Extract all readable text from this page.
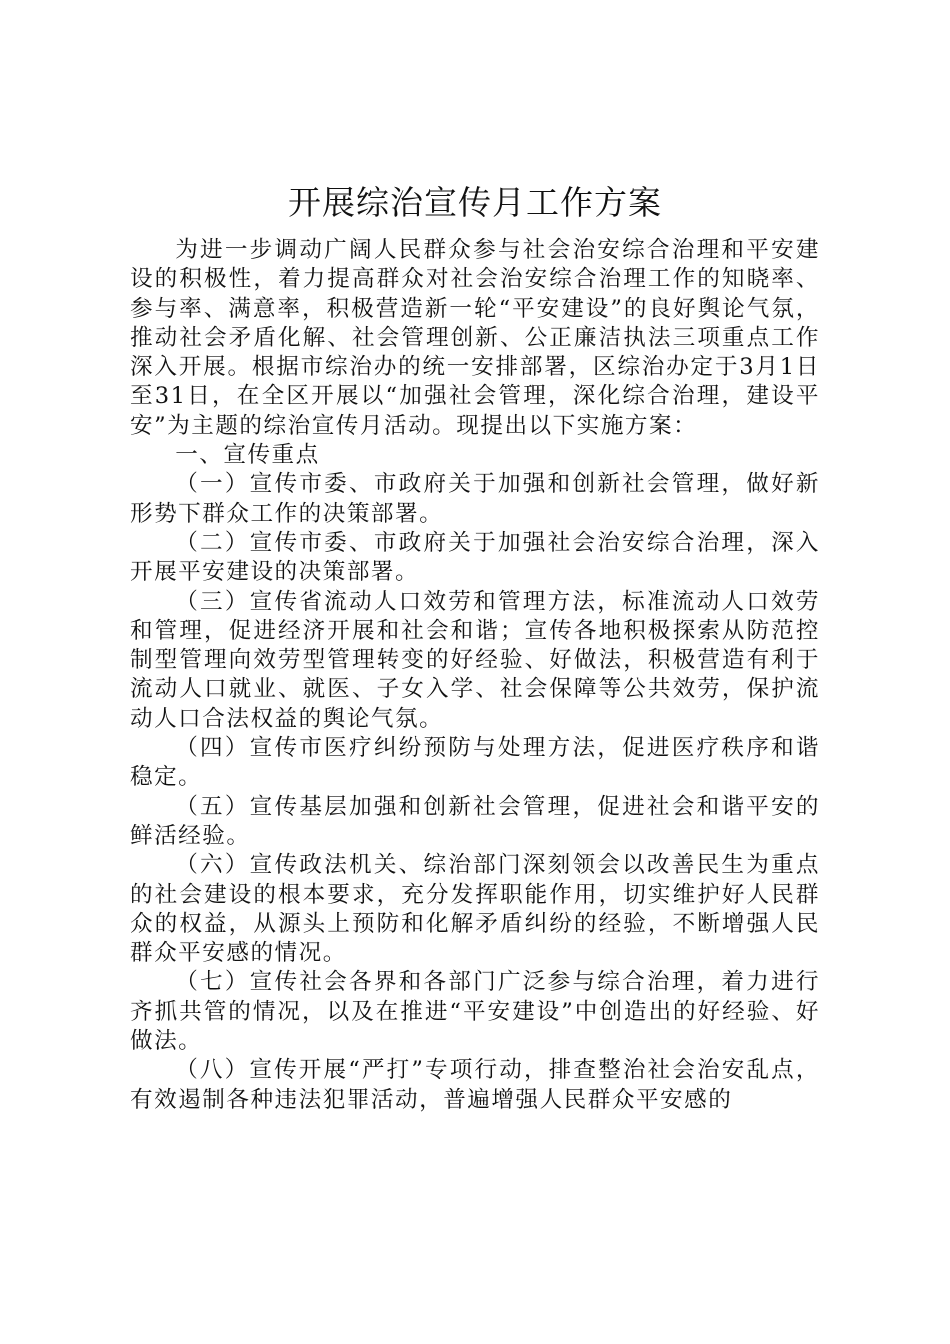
开展综治宣传月工作方案

为进一步调动广阔人民群众参与社会治安综合治理和平安建设的积极性，着力提高群众对社会治安综合治理工作的知晓率、参与率、满意率，积极营造新一轮“平安建设”的良好舆论气氛，推动社会矛盾化解、社会管理创新、公正廉洁执法三项重点工作深入开展。根据市综治办的统一安排部署，区综治办定于3月1日至31日，在全区开展以“加强社会管理，深化综合治理，建设平安”为主题的综治宣传月活动。现提出以下实施方案：

一、宣传重点

（一）宣传市委、市政府关于加强和创新社会管理，做好新形势下群众工作的决策部署。

（二）宣传市委、市政府关于加强社会治安综合治理，深入开展平安建设的决策部署。

（三）宣传省流动人口效劳和管理方法，标准流动人口效劳和管理，促进经济开展和社会和谐；宣传各地积极探索从防范控制型管理向效劳型管理转变的好经验、好做法，积极营造有利于流动人口就业、就医、子女入学、社会保障等公共效劳，保护流动人口合法权益的舆论气氛。

（四）宣传市医疗纠纷预防与处理方法，促进医疗秩序和谐稳定。

（五）宣传基层加强和创新社会管理，促进社会和谐平安的鲜活经验。

（六）宣传政法机关、综治部门深刻领会以改善民生为重点的社会建设的根本要求，充分发挥职能作用，切实维护好人民群众的权益，从源头上预防和化解矛盾纠纷的经验，不断增强人民群众平安感的情况。

（七）宣传社会各界和各部门广泛参与综合治理，着力进行齐抓共管的情况，以及在推进“平安建设”中创造出的好经验、好做法。

（八）宣传开展“严打”专项行动，排查整治社会治安乱点，有效遏制各种违法犯罪活动，普遍增强人民群众平安感的
